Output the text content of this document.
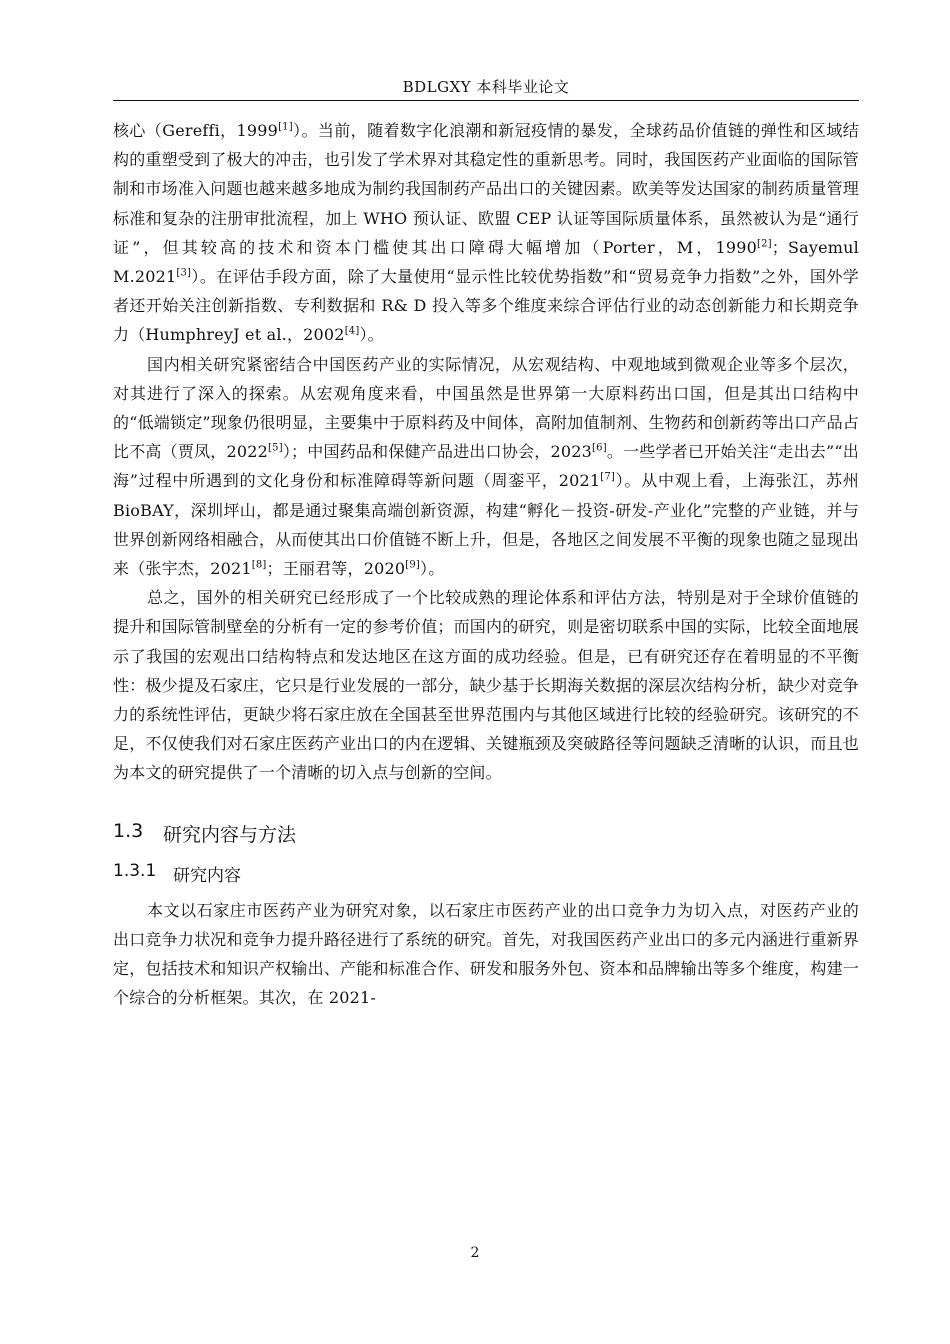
BDLGXY 本科毕业论文

核心（Gereffi，1999[1]）。当前，随着数字化浪潮和新冠疫情的暴发，全球药品价值链的弹性和区域结构的重塑受到了极大的冲击，也引发了学术界对其稳定性的重新思考。同时，我国医药产业面临的国际管制和市场准入问题也越来越多地成为制约我国制药产品出口的关键因素。欧美等发达国家的制药质量管理标准和复杂的注册审批流程，加上 WHO 预认证、欧盟 CEP 认证等国际质量体系，虽然被认为是“通行证”，但其较高的技术和资本门槛使其出口障碍大幅增加（Porter，M，1990[2]；Sayemul M.2021[3]）。在评估手段方面，除了大量使用“显示性比较优势指数”和“贸易竞争力指数”之外，国外学者还开始关注创新指数、专利数据和 R& D 投入等多个维度来综合评估行业的动态创新能力和长期竞争力（HumphreyJ et al.，2002[4]）。

国内相关研究紧密结合中国医药产业的实际情况，从宏观结构、中观地域到微观企业等多个层次，对其进行了深入的探索。从宏观角度来看，中国虽然是世界第一大原料药出口国，但是其出口结构中的“低端锁定”现象仍很明显，主要集中于原料药及中间体，高附加值制剂、生物药和创新药等出口产品占比不高（贾凤，2022[5]）；中国药品和保健产品进出口协会，2023[6]。一些学者已开始关注“走出去”“出海”过程中所遇到的文化身份和标准障碍等新问题（周銮平，2021[7]）。从中观上看，上海张江，苏州 BioBAY，深圳坪山，都是通过聚集高端创新资源，构建“孵化－投资-研发-产业化”完整的产业链，并与世界创新网络相融合，从而使其出口价值链不断上升，但是，各地区之间发展不平衡的现象也随之显现出来（张宇杰，2021[8]；王丽君等，2020[9]）。

总之，国外的相关研究已经形成了一个比较成熟的理论体系和评估方法，特别是对于全球价值链的提升和国际管制壁垒的分析有一定的参考价值；而国内的研究，则是密切联系中国的实际，比较全面地展示了我国的宏观出口结构特点和发达地区在这方面的成功经验。但是，已有研究还存在着明显的不平衡性：极少提及石家庄，它只是行业发展的一部分，缺少基于长期海关数据的深层次结构分析，缺少对竞争力的系统性评估，更缺少将石家庄放在全国甚至世界范围内与其他区域进行比较的经验研究。该研究的不足，不仅使我们对石家庄医药产业出口的内在逻辑、关键瓶颈及突破路径等问题缺乏清晰的认识，而且也为本文的研究提供了一个清晰的切入点与创新的空间。

1.3	研究内容与方法
1.3.1 研究内容

本文以石家庄市医药产业为研究对象，以石家庄市医药产业的出口竞争力为切入点，对医药产业的出口竞争力状况和竞争力提升路径进行了系统的研究。首先，对我国医药产业出口的多元内涵进行重新界定，包括技术和知识产权输出、产能和标准合作、研发和服务外包、资本和品牌输出等多个维度，构建一个综合的分析框架。其次，在 2021-

2
